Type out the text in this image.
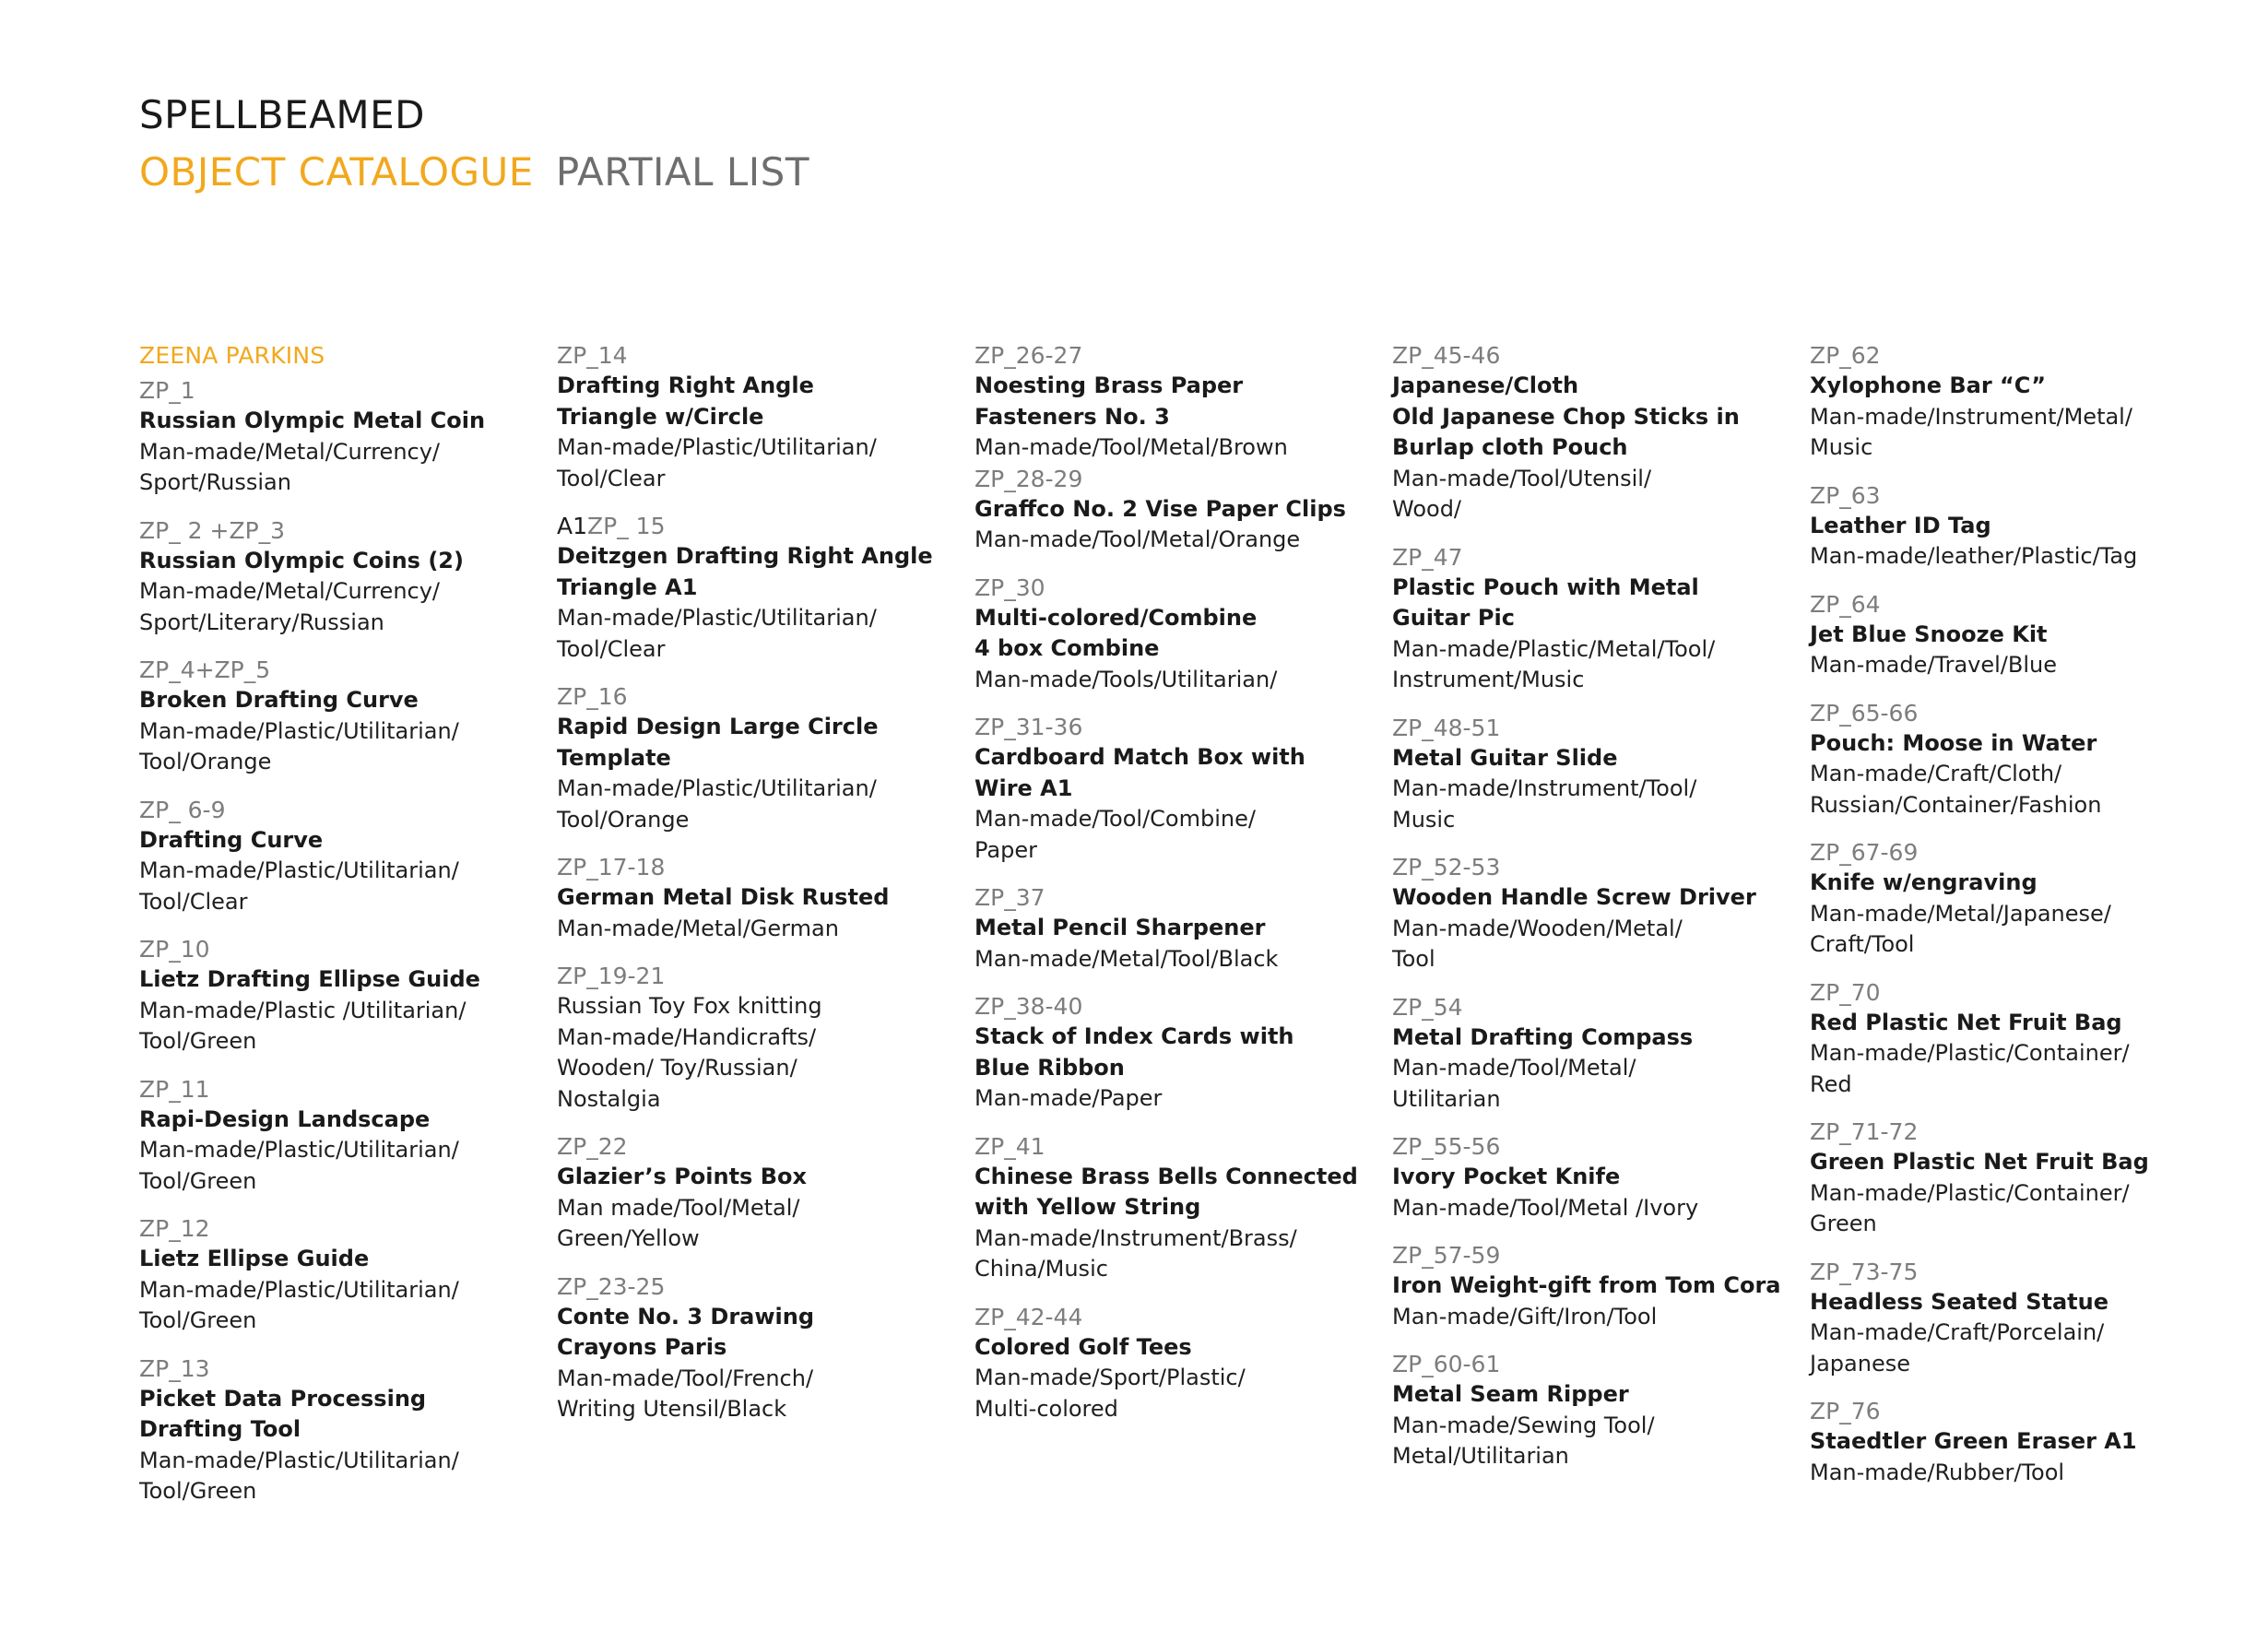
SPELLBEAMED
OBJECT CATALOGUE PARTIAL LIST
ZEENA PARKINS
ZP_1
Russian Olympic Metal Coin
Man-made/Metal/Currency/
Sport/Russian
ZP_ 2 +ZP_3
Russian Olympic Coins (2)
Man-made/Metal/Currency/
Sport/Literary/Russian
ZP_4+ZP_5
Broken Drafting Curve
Man-made/Plastic/Utilitarian/
Tool/Orange
ZP_ 6-9
Drafting Curve
Man-made/Plastic/Utilitarian/
Tool/Clear
ZP_10
Lietz Drafting Ellipse Guide
Man-made/Plastic /Utilitarian/
Tool/Green
ZP_11
Rapi-Design Landscape
Man-made/Plastic/Utilitarian/
Tool/Green
ZP_12
Lietz Ellipse Guide
Man-made/Plastic/Utilitarian/
Tool/Green
ZP_13
Picket Data Processing
Drafting Tool
Man-made/Plastic/Utilitarian/
Tool/Green
ZP_14
Drafting Right Angle
Triangle w/Circle
Man-made/Plastic/Utilitarian/
Tool/Clear
A1ZP_ 15
Deitzgen Drafting Right Angle
Triangle A1
Man-made/Plastic/Utilitarian/
Tool/Clear
ZP_16
Rapid Design Large Circle
Template
Man-made/Plastic/Utilitarian/
Tool/Orange
ZP_17-18
German Metal Disk Rusted
Man-made/Metal/German
ZP_19-21
Russian Toy Fox knitting
Man-made/Handicrafts/
Wooden/ Toy/Russian/
Nostalgia
ZP_22
Glazier’s Points Box
Man made/Tool/Metal/
Green/Yellow
ZP_23-25
Conte No. 3 Drawing
Crayons Paris
Man-made/Tool/French/
Writing Utensil/Black
ZP_26-27
Noesting Brass Paper
Fasteners No. 3
Man-made/Tool/Metal/Brown
ZP_28-29
Graffco No. 2 Vise Paper Clips
Man-made/Tool/Metal/Orange
ZP_30
Multi-colored/Combine
4 box Combine
Man-made/Tools/Utilitarian/
ZP_31-36
Cardboard Match Box with
Wire A1
Man-made/Tool/Combine/
Paper
ZP_37
Metal Pencil Sharpener
Man-made/Metal/Tool/Black
ZP_38-40
Stack of Index Cards with
Blue Ribbon
Man-made/Paper
ZP_41
Chinese Brass Bells Connected
with Yellow String
Man-made/Instrument/Brass/
China/Music
ZP_42-44
Colored Golf Tees
Man-made/Sport/Plastic/
Multi-colored
ZP_45-46
Japanese/Cloth
Old Japanese Chop Sticks in
Burlap cloth Pouch
Man-made/Tool/Utensil/
Wood/
ZP_47
Plastic Pouch with Metal
Guitar Pic
Man-made/Plastic/Metal/Tool/
Instrument/Music
ZP_48-51
Metal Guitar Slide
Man-made/Instrument/Tool/
Music
ZP_52-53
Wooden Handle Screw Driver
Man-made/Wooden/Metal/
Tool
ZP_54
Metal Drafting Compass
Man-made/Tool/Metal/
Utilitarian
ZP_55-56
Ivory Pocket Knife
Man-made/Tool/Metal /Ivory
ZP_57-59
Iron Weight-gift from Tom Cora
Man-made/Gift/Iron/Tool
ZP_60-61
Metal Seam Ripper
Man-made/Sewing Tool/
Metal/Utilitarian
ZP_62
Xylophone Bar “C”
Man-made/Instrument/Metal/
Music
ZP_63
Leather ID Tag
Man-made/leather/Plastic/Tag
ZP_64
Jet Blue Snooze Kit
Man-made/Travel/Blue
ZP_65-66
Pouch: Moose in Water
Man-made/Craft/Cloth/
Russian/Container/Fashion
ZP_67-69
Knife w/engraving
Man-made/Metal/Japanese/
Craft/Tool
ZP_70
Red Plastic Net Fruit Bag
Man-made/Plastic/Container/
Red
ZP_71-72
Green Plastic Net Fruit Bag
Man-made/Plastic/Container/
Green
ZP_73-75
Headless Seated Statue
Man-made/Craft/Porcelain/
Japanese
ZP_76
Staedtler Green Eraser A1
Man-made/Rubber/Tool
